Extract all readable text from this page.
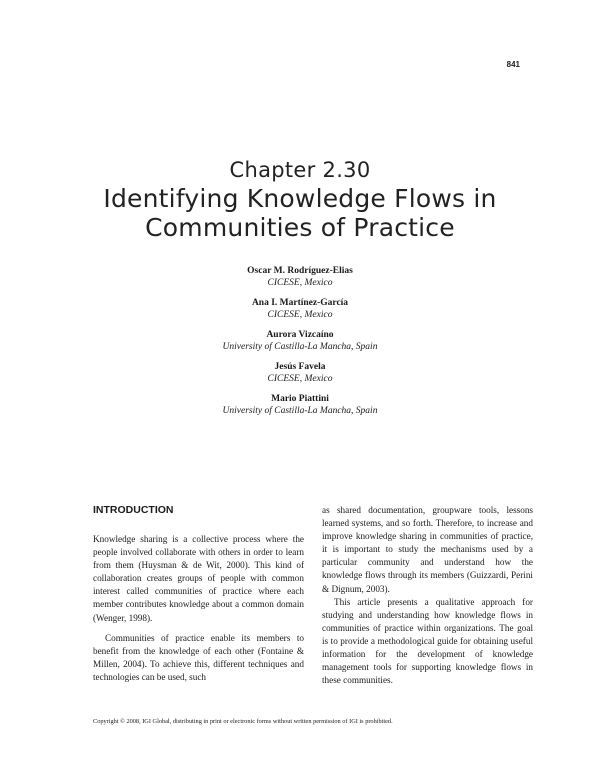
841
Chapter 2.30
Identifying Knowledge Flows in
Communities of Practice
Oscar M. Rodríguez-Elias
CICESE, Mexico
Ana I. Martínez-García
CICESE, Mexico
Aurora Vizcaíno
University of Castilla-La Mancha, Spain
Jesús Favela
CICESE, Mexico
Mario Piattini
University of Castilla-La Mancha, Spain
INTRODUCTION

Knowledge sharing is a collective process where the people involved collaborate with others in order to learn from them (Huysman & de Wit, 2000). This kind of collaboration creates groups of people with common interest called communities of practice where each member contributes knowledge about a common domain (Wenger, 1998).

Communities of practice enable its members to benefit from the knowledge of each other (Fontaine & Millen, 2004). To achieve this, different techniques and technologies can be used, such

as shared documentation, groupware tools, lessons learned systems, and so forth. Therefore, to increase and improve knowledge sharing in communities of practice, it is important to study the mechanisms used by a particular community and understand how the knowledge flows through its members (Guizzardi, Perini & Dignum, 2003).

This article presents a qualitative approach for studying and understanding how knowledge flows in communities of practice within organizations. The goal is to provide a methodological guide for obtaining useful information for the development of knowledge management tools for supporting knowledge flows in these communities.

Copyright © 2008, IGI Global, distributing in print or electronic forms without written permission of IGI is prohibited.
